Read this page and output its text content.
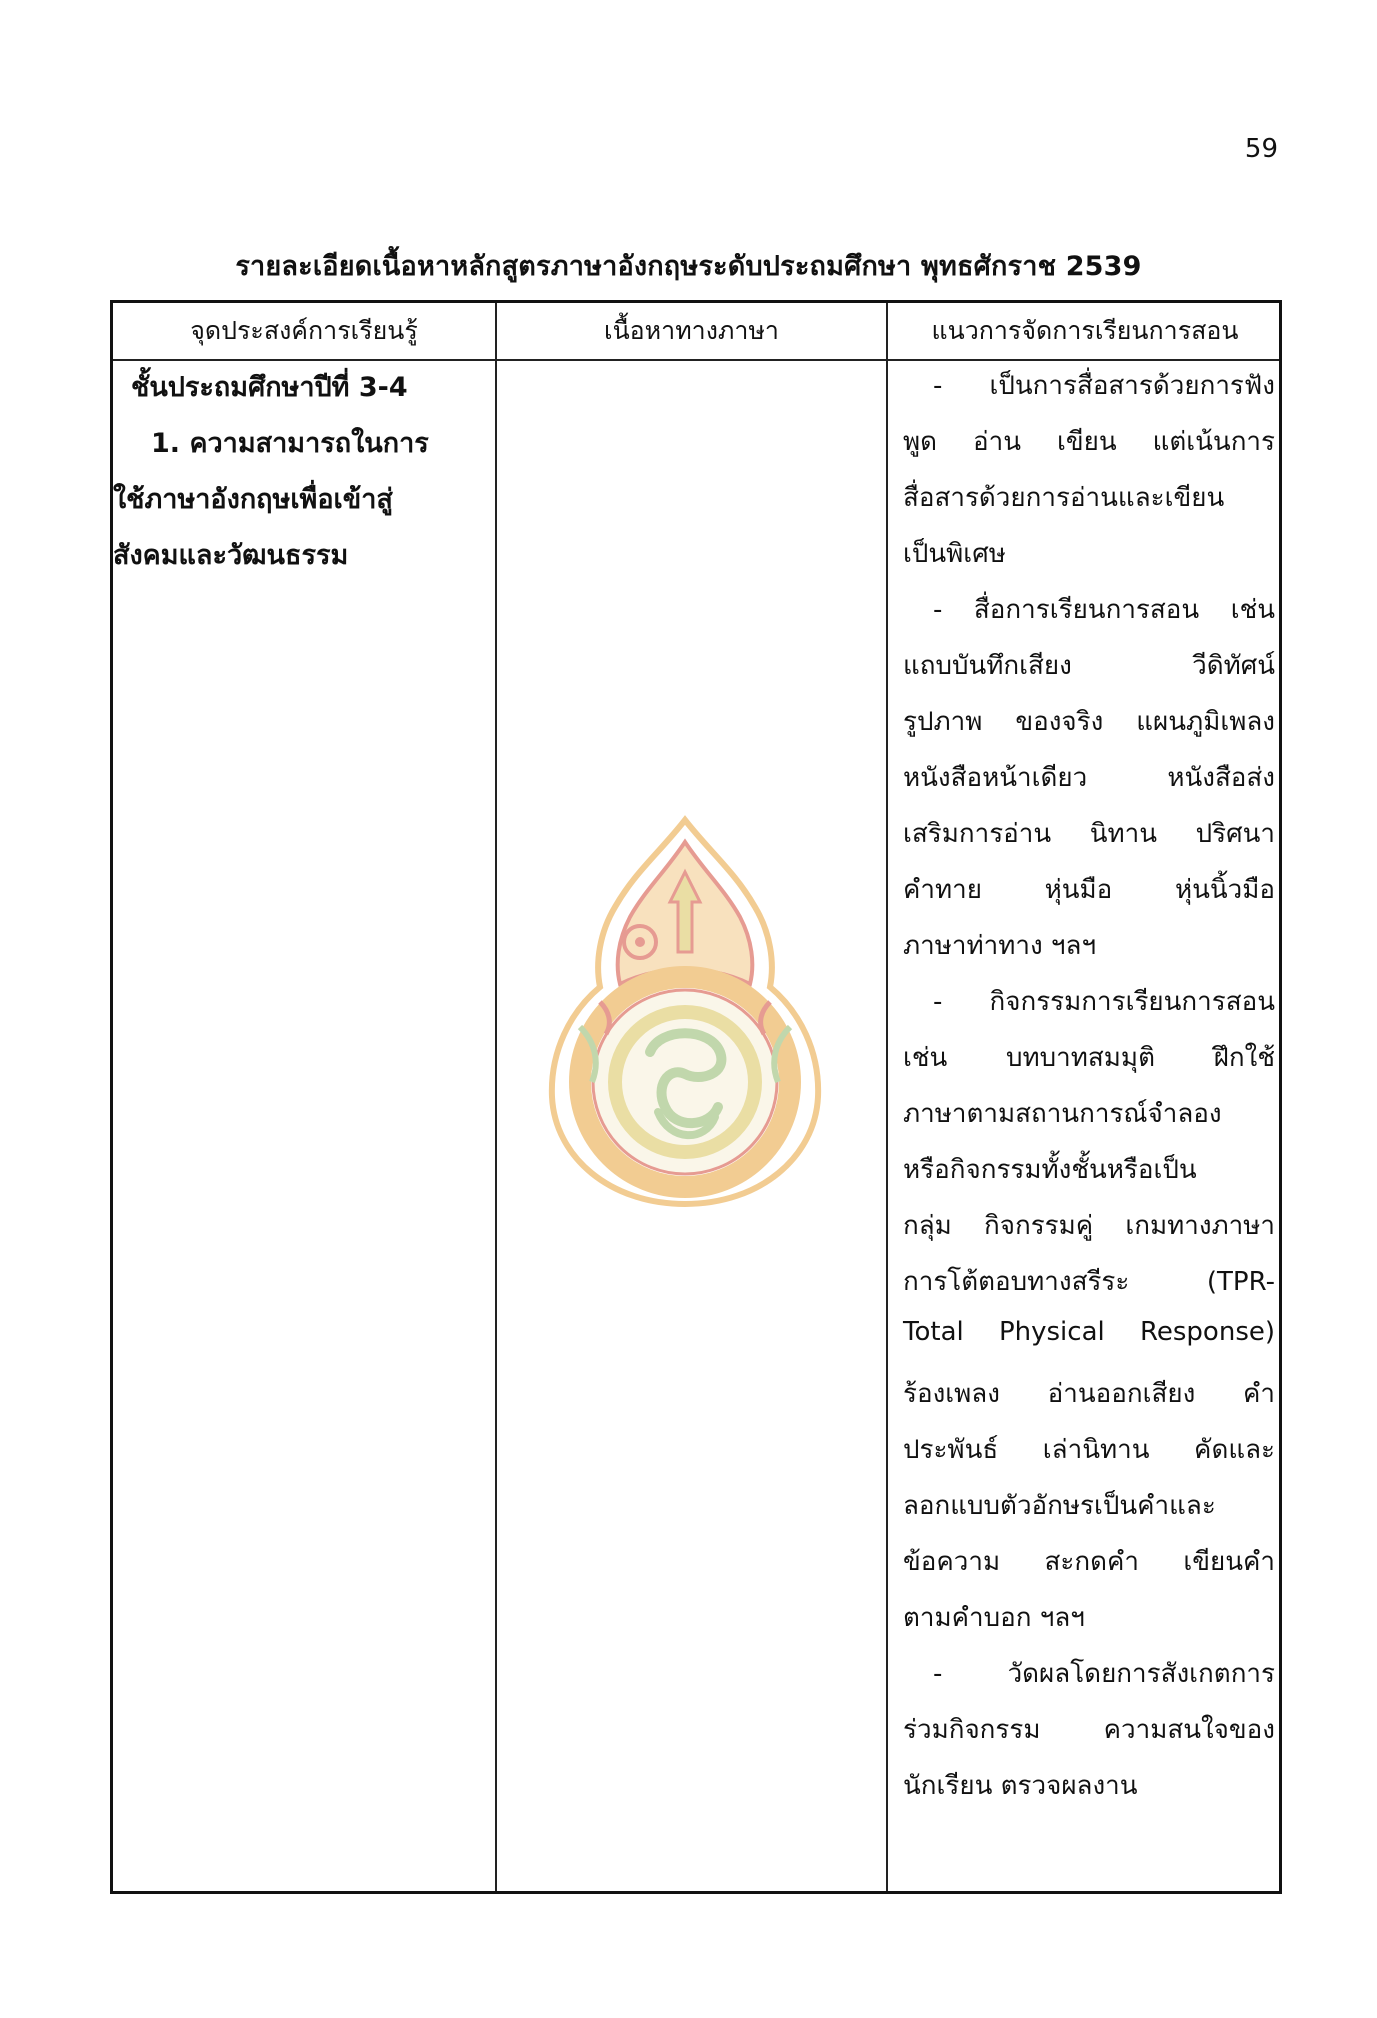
59
รายละเอียดเนื้อหาหลักสูตรภาษาอังกฤษระดับประถมศึกษา พุทธศักราช 2539
จุดประสงค์การเรียนรู้	เนื้อหาทางภาษา	แนวการจัดการเรียนการสอน
ชั้นประถมศึกษาปีที่ 3-4
1. ความสามารถในการ
ใช้ภาษาอังกฤษเพื่อเข้าสู่
สังคมและวัฒนธรรม
- เป็นการสื่อสารด้วยการฟัง
พูด อ่าน เขียน แต่เน้นการ
สื่อสารด้วยการอ่านและเขียน
เป็นพิเศษ
- สื่อการเรียนการสอน เช่น
แถบบันทึกเสียง วีดิทัศน์
รูปภาพ ของจริง แผนภูมิเพลง
หนังสือหน้าเดียว หนังสือส่ง
เสริมการอ่าน นิทาน ปริศนา
คำทาย หุ่นมือ หุ่นนิ้วมือ
ภาษาท่าทาง ฯลฯ
- กิจกรรมการเรียนการสอน
เช่น บทบาทสมมุติ ฝึกใช้
ภาษาตามสถานการณ์จำลอง
หรือกิจกรรมทั้งชั้นหรือเป็น
กลุ่ม กิจกรรมคู่ เกมทางภาษา
การโต้ตอบทางสรีระ (TPR-
Total Physical Response)
ร้องเพลง อ่านออกเสียง คำ
ประพันธ์ เล่านิทาน คัดและ
ลอกแบบตัวอักษรเป็นคำและ
ข้อความ สะกดคำ เขียนคำ
ตามคำบอก ฯลฯ
- วัดผลโดยการสังเกตการ
ร่วมกิจกรรม ความสนใจของ
นักเรียน ตรวจผลงาน
